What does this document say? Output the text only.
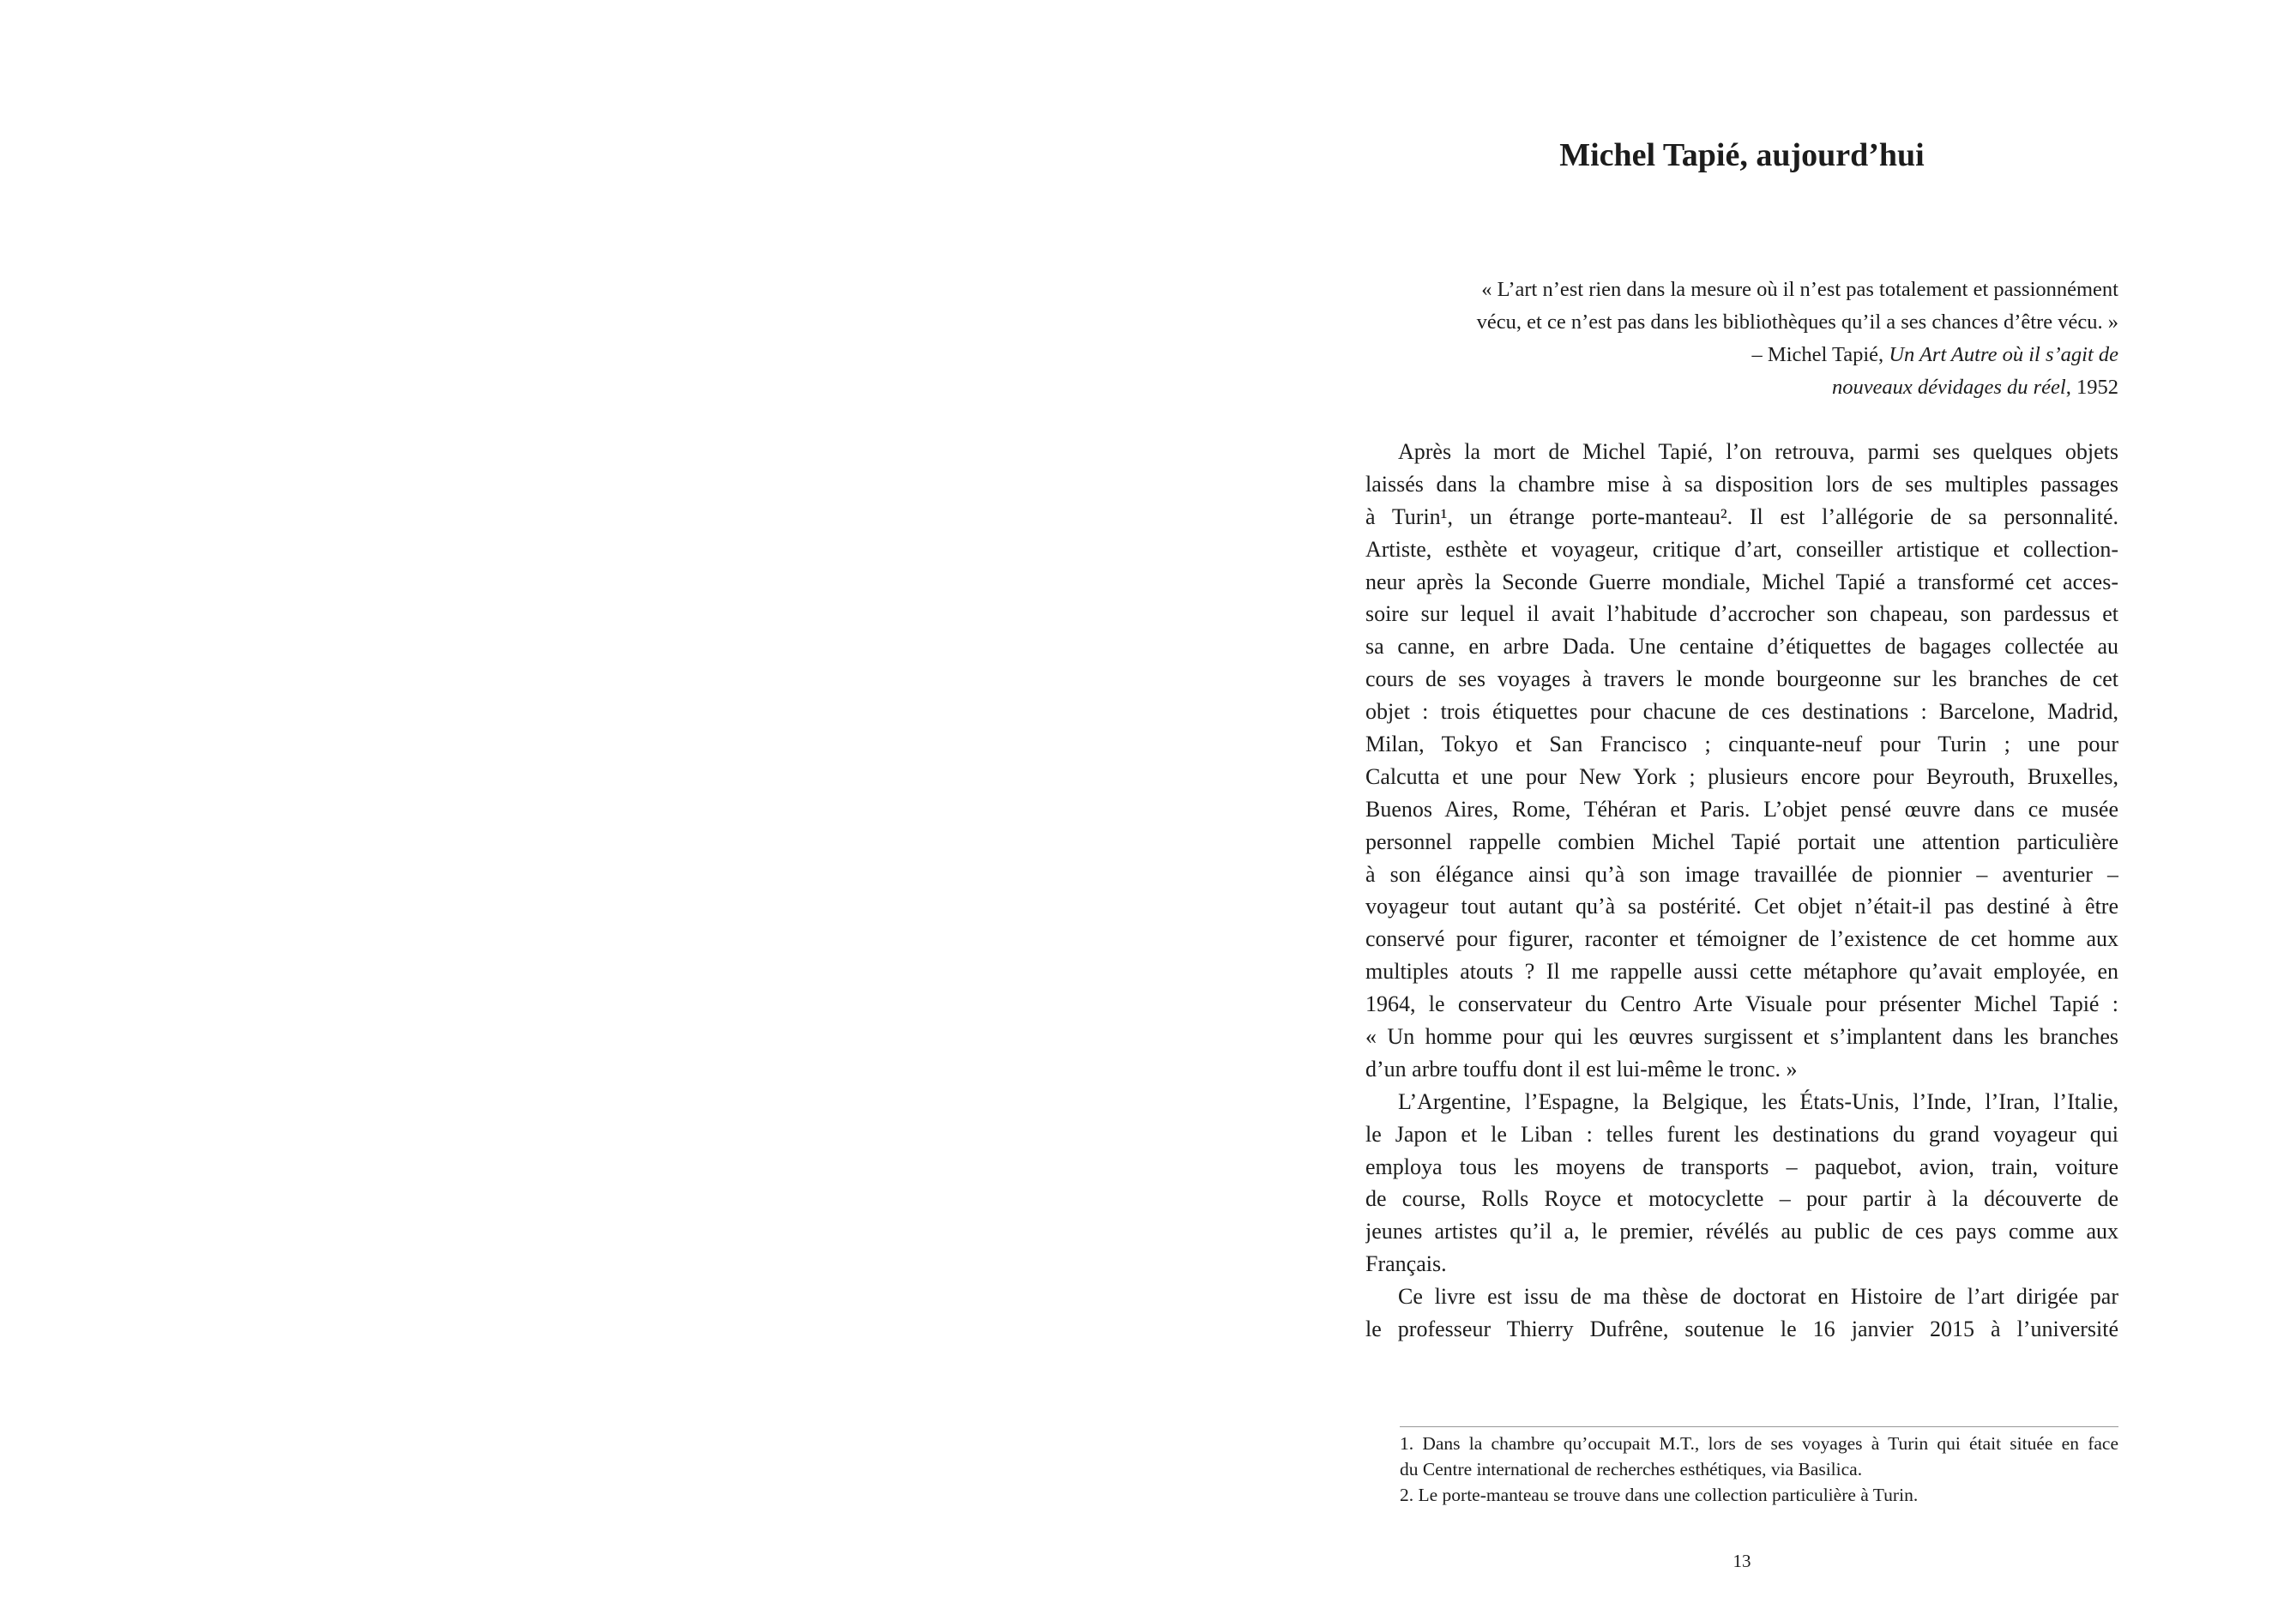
Michel Tapié, aujourd’hui
« L’art n’est rien dans la mesure où il n’est pas totalement et passionnément
vécu, et ce n’est pas dans les bibliothèques qu’il a ses chances d’être vécu. »
– Michel Tapié, Un Art Autre où il s’agit de
nouveaux dévidages du réel, 1952
Après la mort de Michel Tapié, l’on retrouva, parmi ses quelques objets
laissés dans la chambre mise à sa disposition lors de ses multiples passages
à Turin¹, un étrange porte-manteau². Il est l’allégorie de sa personnalité.
Artiste, esthète et voyageur, critique d’art, conseiller artistique et collection-
neur après la Seconde Guerre mondiale, Michel Tapié a transformé cet acces-
soire sur lequel il avait l’habitude d’accrocher son chapeau, son pardessus et
sa canne, en arbre Dada. Une centaine d’étiquettes de bagages collectée au
cours de ses voyages à travers le monde bourgeonne sur les branches de cet
objet : trois étiquettes pour chacune de ces destinations : Barcelone, Madrid,
Milan, Tokyo et San Francisco ; cinquante-neuf pour Turin ; une pour
Calcutta et une pour New York ; plusieurs encore pour Beyrouth, Bruxelles,
Buenos Aires, Rome, Téhéran et Paris. L’objet pensé œuvre dans ce musée
personnel rappelle combien Michel Tapié portait une attention particulière
à son élégance ainsi qu’à son image travaillée de pionnier – aventurier –
voyageur tout autant qu’à sa postérité. Cet objet n’était-il pas destiné à être
conservé pour figurer, raconter et témoigner de l’existence de cet homme aux
multiples atouts ? Il me rappelle aussi cette métaphore qu’avait employée, en
1964, le conservateur du Centro Arte Visuale pour présenter Michel Tapié :
« Un homme pour qui les œuvres surgissent et s’implantent dans les branches
d’un arbre touffu dont il est lui-même le tronc. »
L’Argentine, l’Espagne, la Belgique, les États-Unis, l’Inde, l’Iran, l’Italie,
le Japon et le Liban : telles furent les destinations du grand voyageur qui
employa tous les moyens de transports – paquebot, avion, train, voiture
de course, Rolls Royce et motocyclette – pour partir à la découverte de
jeunes artistes qu’il a, le premier, révélés au public de ces pays comme aux
Français.
Ce livre est issu de ma thèse de doctorat en Histoire de l’art dirigée par
le professeur Thierry Dufrêne, soutenue le 16 janvier 2015 à l’université
1. Dans la chambre qu’occupait M.T., lors de ses voyages à Turin qui était située en face
du Centre international de recherches esthétiques, via Basilica.
2. Le porte-manteau se trouve dans une collection particulière à Turin.
13
